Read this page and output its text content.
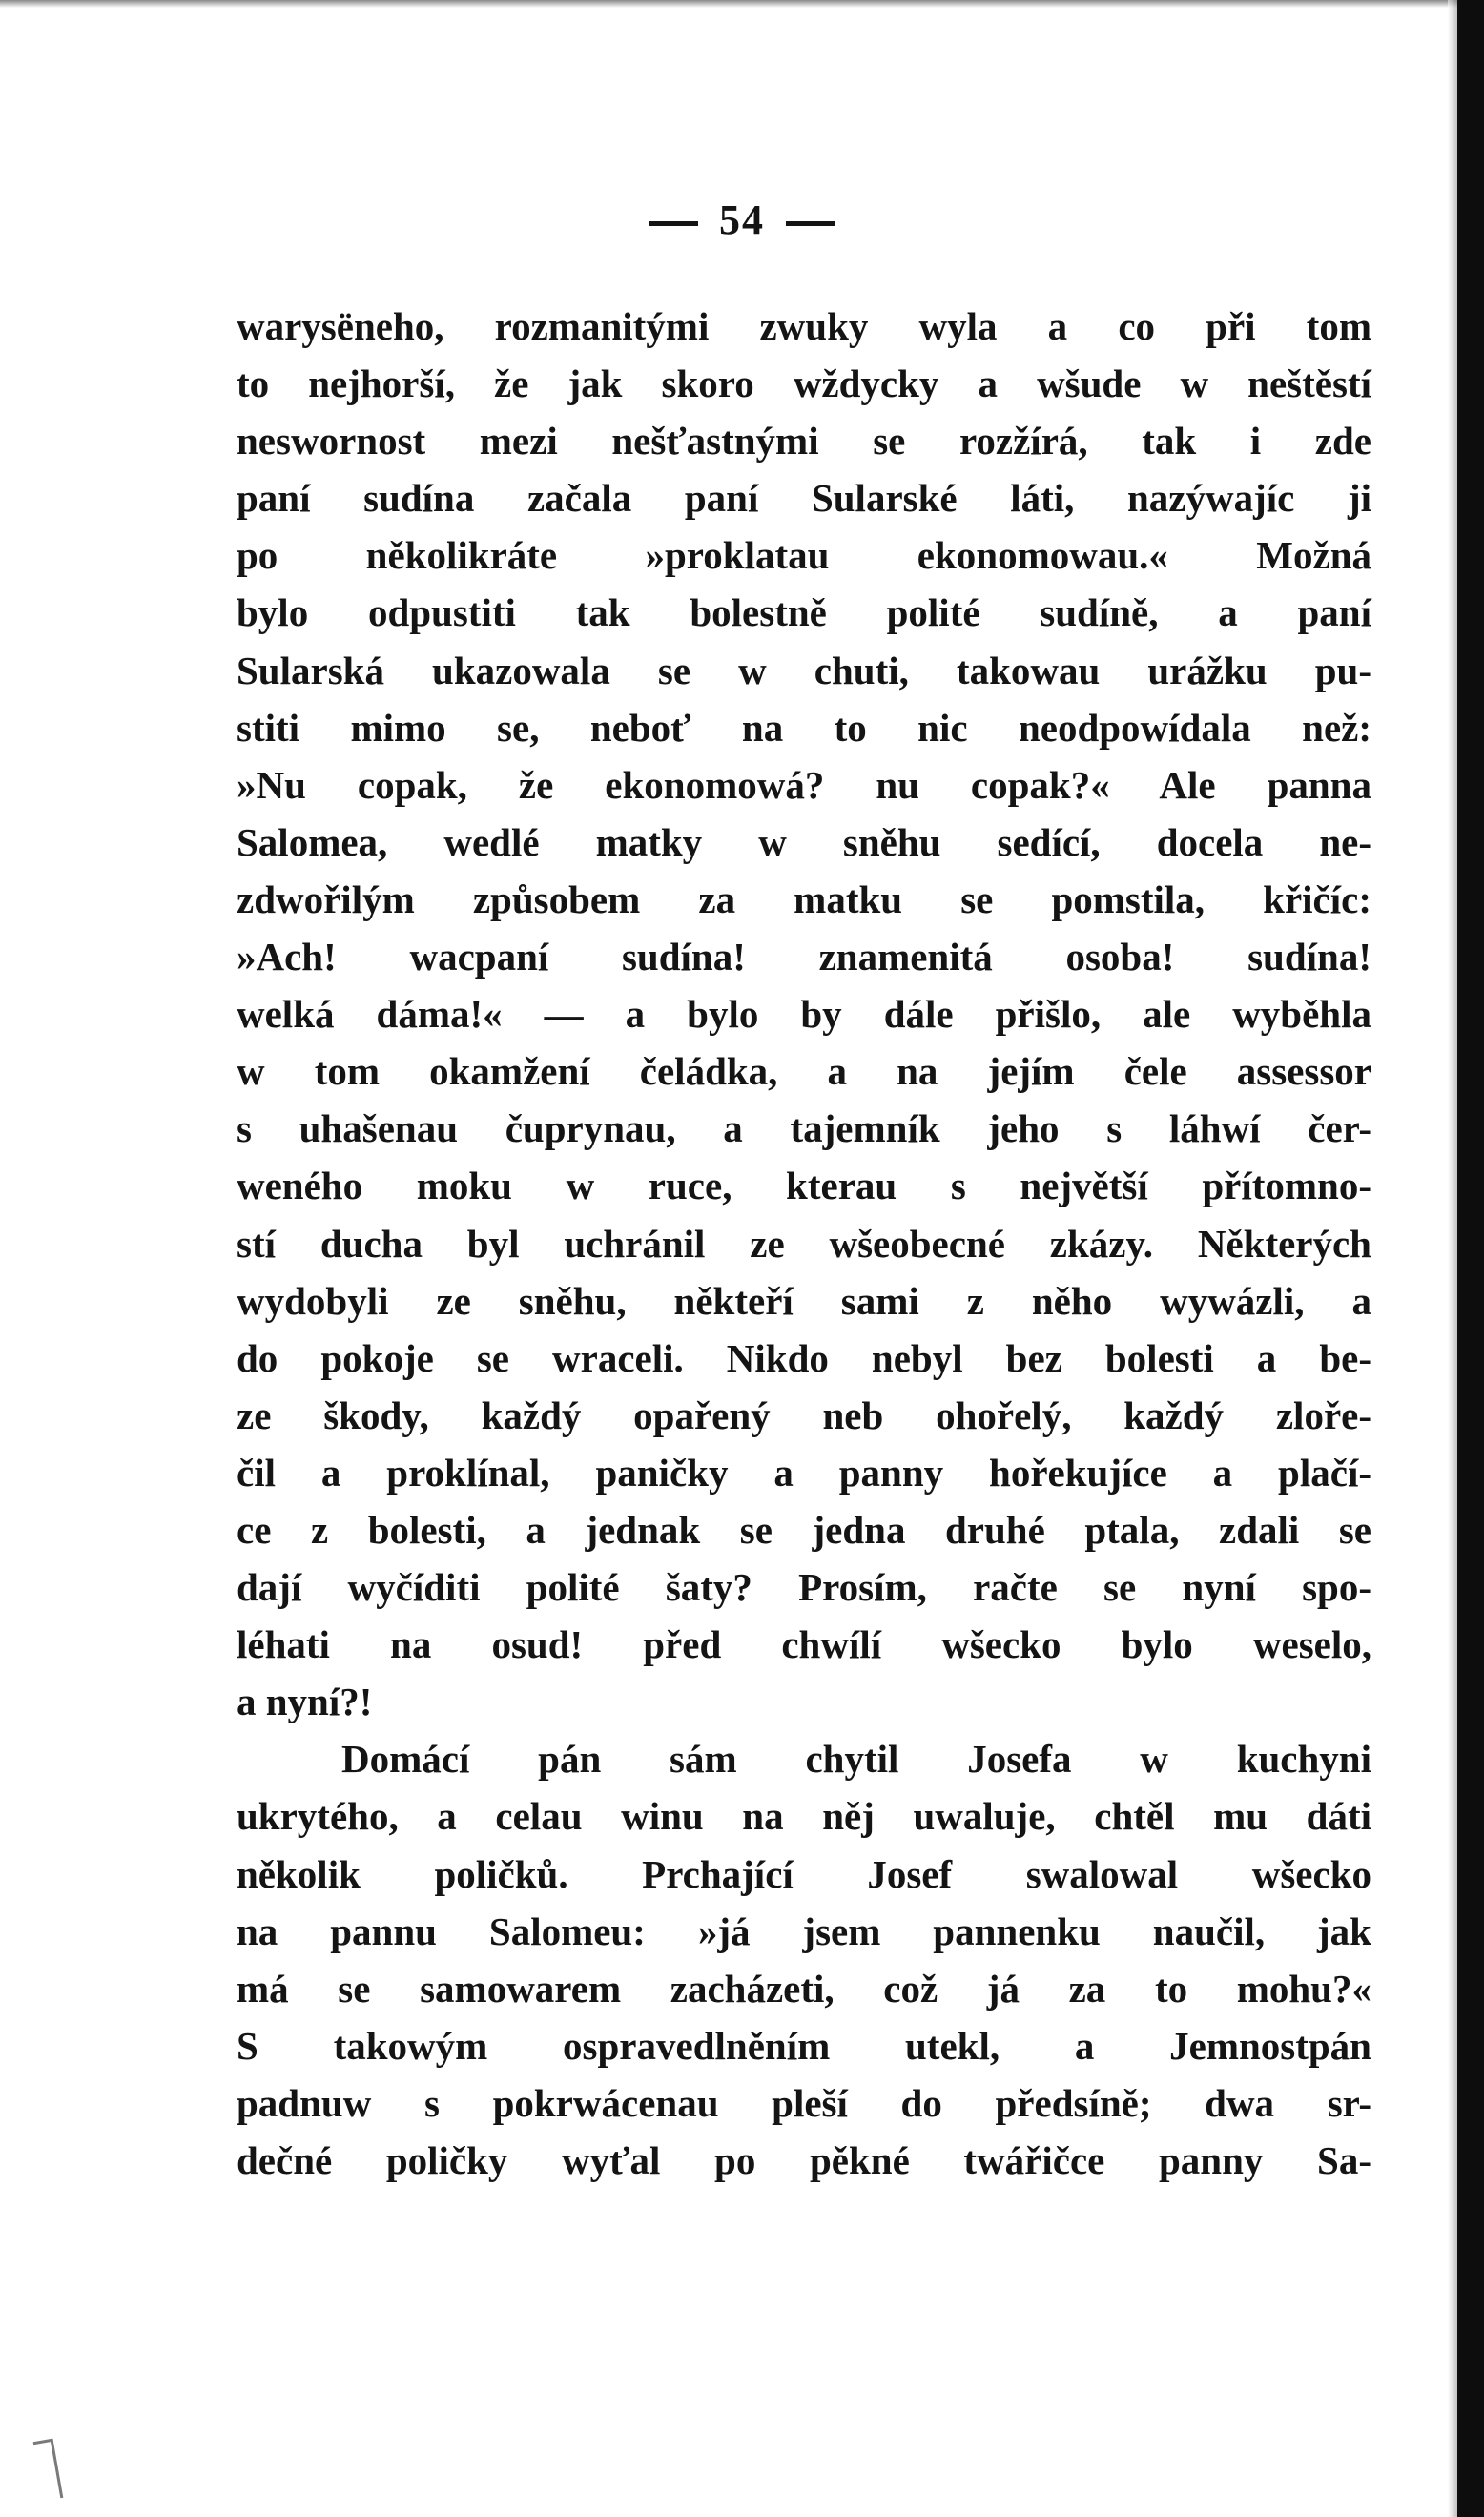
54
warysёneho, rozmanitými zwuky wyla a co při tom
to nejhorší, že jak skoro wždycky a wšude w neštěstí
neswornost mezi nešťastnými se rozžírá, tak i zde
paní sudína začala paní Sularské láti, nazýwajíc ji
po několikráte »proklatau ekonomowau.« Možná
bylo odpustiti tak bolestně polité sudíně, a paní
Sularská ukazowala se w chuti, takowau urážku pu-
stiti mimo se, neboť na to nic neodpowídala než:
»Nu copak, že ekonomowá? nu copak?« Ale panna
Salomea, wedlé matky w sněhu sedící, docela ne-
zdwořilým způsobem za matku se pomstila, křičíc:
»Ach! wacpaní sudína! znamenitá osoba! sudína!
welká dáma!« — a bylo by dále přišlo, ale wyběhla
w tom okamžení čeládka, a na jejím čele assessor
s uhašenau čuprynau, a tajemník jeho s láhwí čer-
weného moku w ruce, kterau s největší přítomno-
stí ducha byl uchránil ze wšeobecné zkázy. Některých
wydobyli ze sněhu, někteří sami z něho wywázli, a
do pokoje se wraceli. Nikdo nebyl bez bolesti a be-
ze škody, každý opařený neb ohořelý, každý zlořе-
čil a proklínal, paničky a panny hořekujíce a plačí-
ce z bolesti, a jednak se jedna druhé ptala, zdali se
dají wyčíditi polité šaty? Prosím, račte se nyní spo-
léhati na osud! před chwílí wšecko bylo weselo,
a nyní?!
Domácí pán sám chytil Josefa w kuchyni
ukrytého, a celau winu na něj uwaluje, chtěl mu dáti
několik poličků. Prchající Josef swalowal wšecko
na pannu Salomeu: »já jsem pannenku naučil, jak
má se samowarem zacházeti, což já za to mohu?«
S takowým ospravedlněním utekl, a Jemnostpán
padnuw s pokrwácenau pleší do předsíně; dwa sr-
dečné poličky wyťal po pěkné twářičce panny Sa-
